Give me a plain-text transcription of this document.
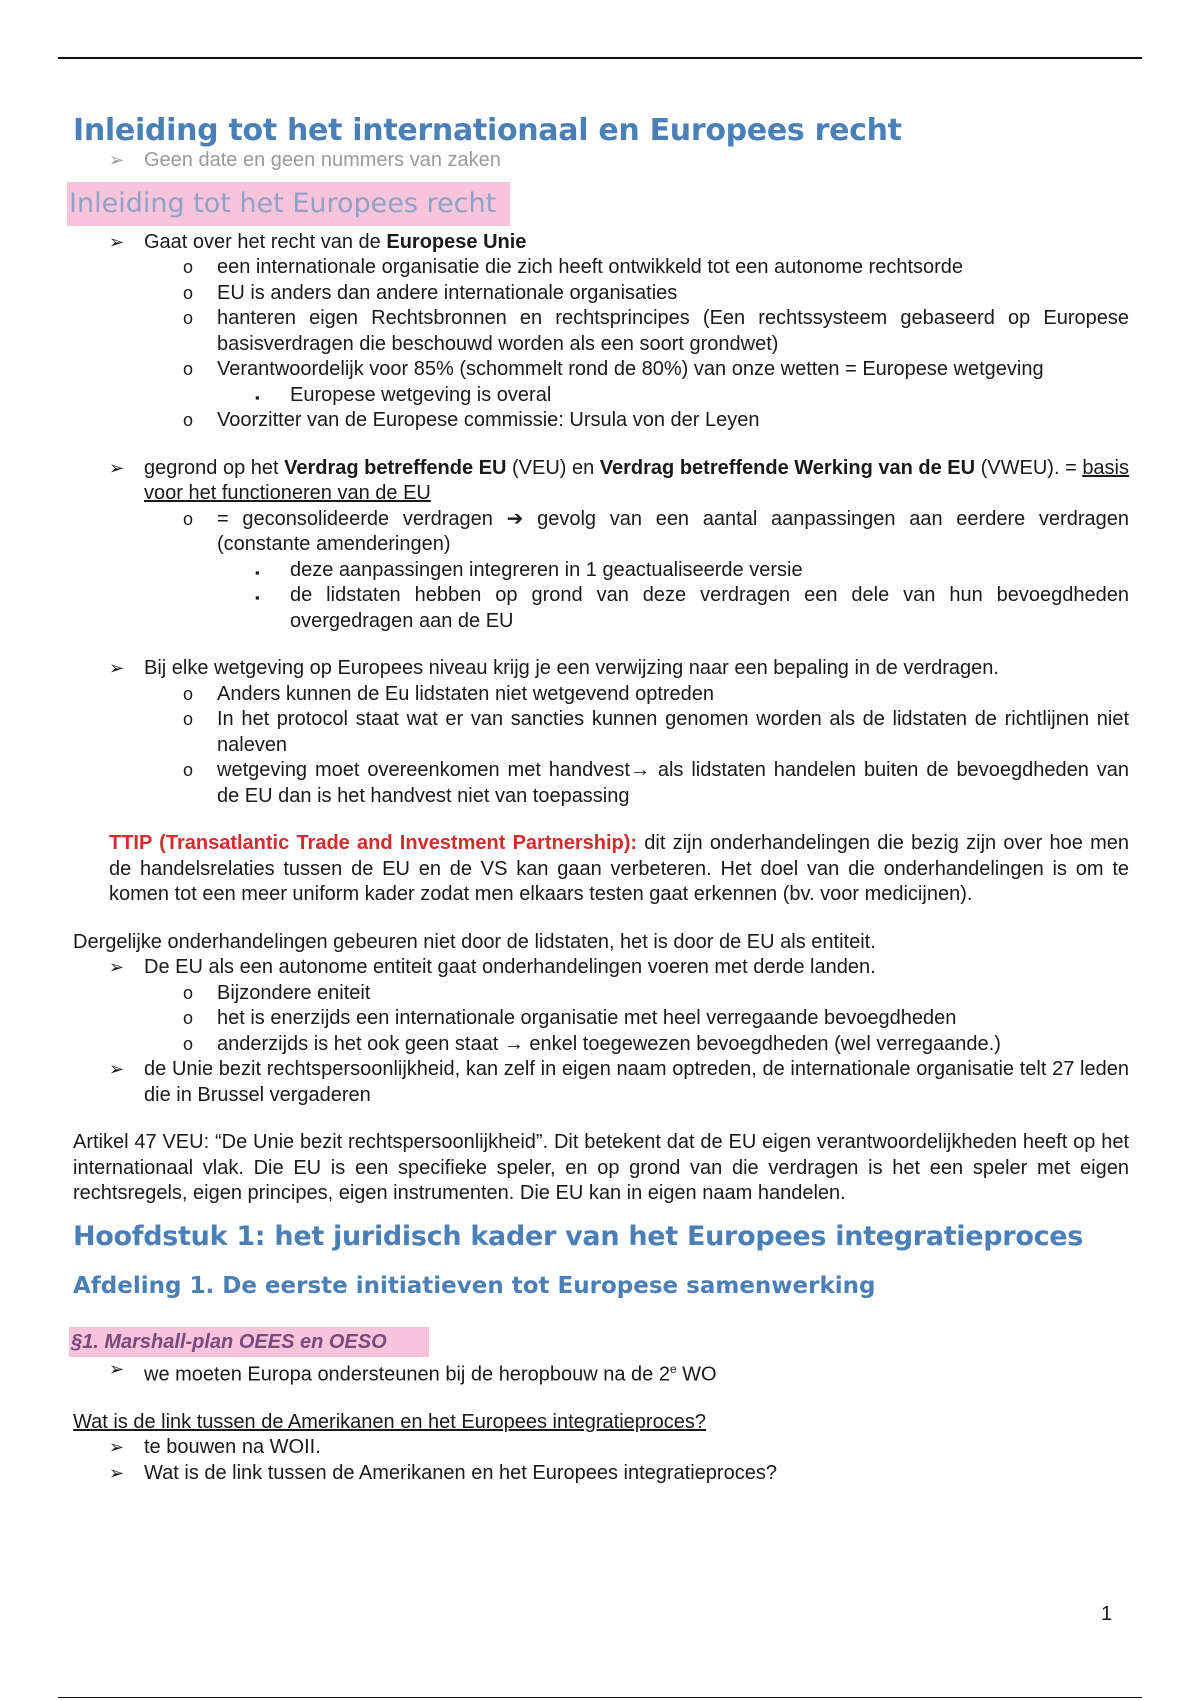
Inleiding tot het internationaal en Europees recht
➢ Geen date en geen nummers van zaken
Inleiding tot het Europees recht
➢ Gaat over het recht van de Europese Unie
o een internationale organisatie die zich heeft ontwikkeld tot een autonome rechtsorde
o EU is anders dan andere internationale organisaties
o hanteren eigen Rechtsbronnen en rechtsprincipes (Een rechtssysteem gebaseerd op Europese basisverdragen die beschouwd worden als een soort grondwet)
o Verantwoordelijk voor 85% (schommelt rond de 80%) van onze wetten = Europese wetgeving
▪ Europese wetgeving is overal
o Voorzitter van de Europese commissie: Ursula von der Leyen
➢ gegrond op het Verdrag betreffende EU (VEU) en Verdrag betreffende Werking van de EU (VWEU). = basis voor het functioneren van de EU
o = geconsolideerde verdragen ➔ gevolg van een aantal aanpassingen aan eerdere verdragen (constante amenderingen)
▪ deze aanpassingen integreren in 1 geactualiseerde versie
▪ de lidstaten hebben op grond van deze verdragen een dele van hun bevoegdheden overgedragen aan de EU
➢ Bij elke wetgeving op Europees niveau krijg je een verwijzing naar een bepaling in de verdragen.
o Anders kunnen de Eu lidstaten niet wetgevend optreden
o In het protocol staat wat er van sancties kunnen genomen worden als de lidstaten de richtlijnen niet naleven
o wetgeving moet overeenkomen met handvest→ als lidstaten handelen buiten de bevoegdheden van de EU dan is het handvest niet van toepassing
TTIP (Transatlantic Trade and Investment Partnership): dit zijn onderhandelingen die bezig zijn over hoe men de handelsrelaties tussen de EU en de VS kan gaan verbeteren. Het doel van die onderhandelingen is om te komen tot een meer uniform kader zodat men elkaars testen gaat erkennen (bv. voor medicijnen).
Dergelijke onderhandelingen gebeuren niet door de lidstaten, het is door de EU als entiteit.
➢ De EU als een autonome entiteit gaat onderhandelingen voeren met derde landen.
o Bijzondere eniteit
o het is enerzijds een internationale organisatie met heel verregaande bevoegdheden
o anderzijds is het ook geen staat → enkel toegewezen bevoegdheden (wel verregaande.)
➢ de Unie bezit rechtspersoonlijkheid, kan zelf in eigen naam optreden, de internationale organisatie telt 27 leden die in Brussel vergaderen
Artikel 47 VEU: “De Unie bezit rechtspersoonlijkheid”. Dit betekent dat de EU eigen verantwoordelijkheden heeft op het internationaal vlak. Die EU is een specifieke speler, en op grond van die verdragen is het een speler met eigen rechtsregels, eigen principes, eigen instrumenten. Die EU kan in eigen naam handelen.
Hoofdstuk 1: het juridisch kader van het Europees integratieproces
Afdeling 1. De eerste initiatieven tot Europese samenwerking
§1. Marshall-plan OEES en OESO
➢ we moeten Europa ondersteunen bij de heropbouw na de 2e WO
Wat is de link tussen de Amerikanen en het Europees integratieproces?
➢ te bouwen na WOII.
➢ Wat is de link tussen de Amerikanen en het Europees integratieproces?
1
